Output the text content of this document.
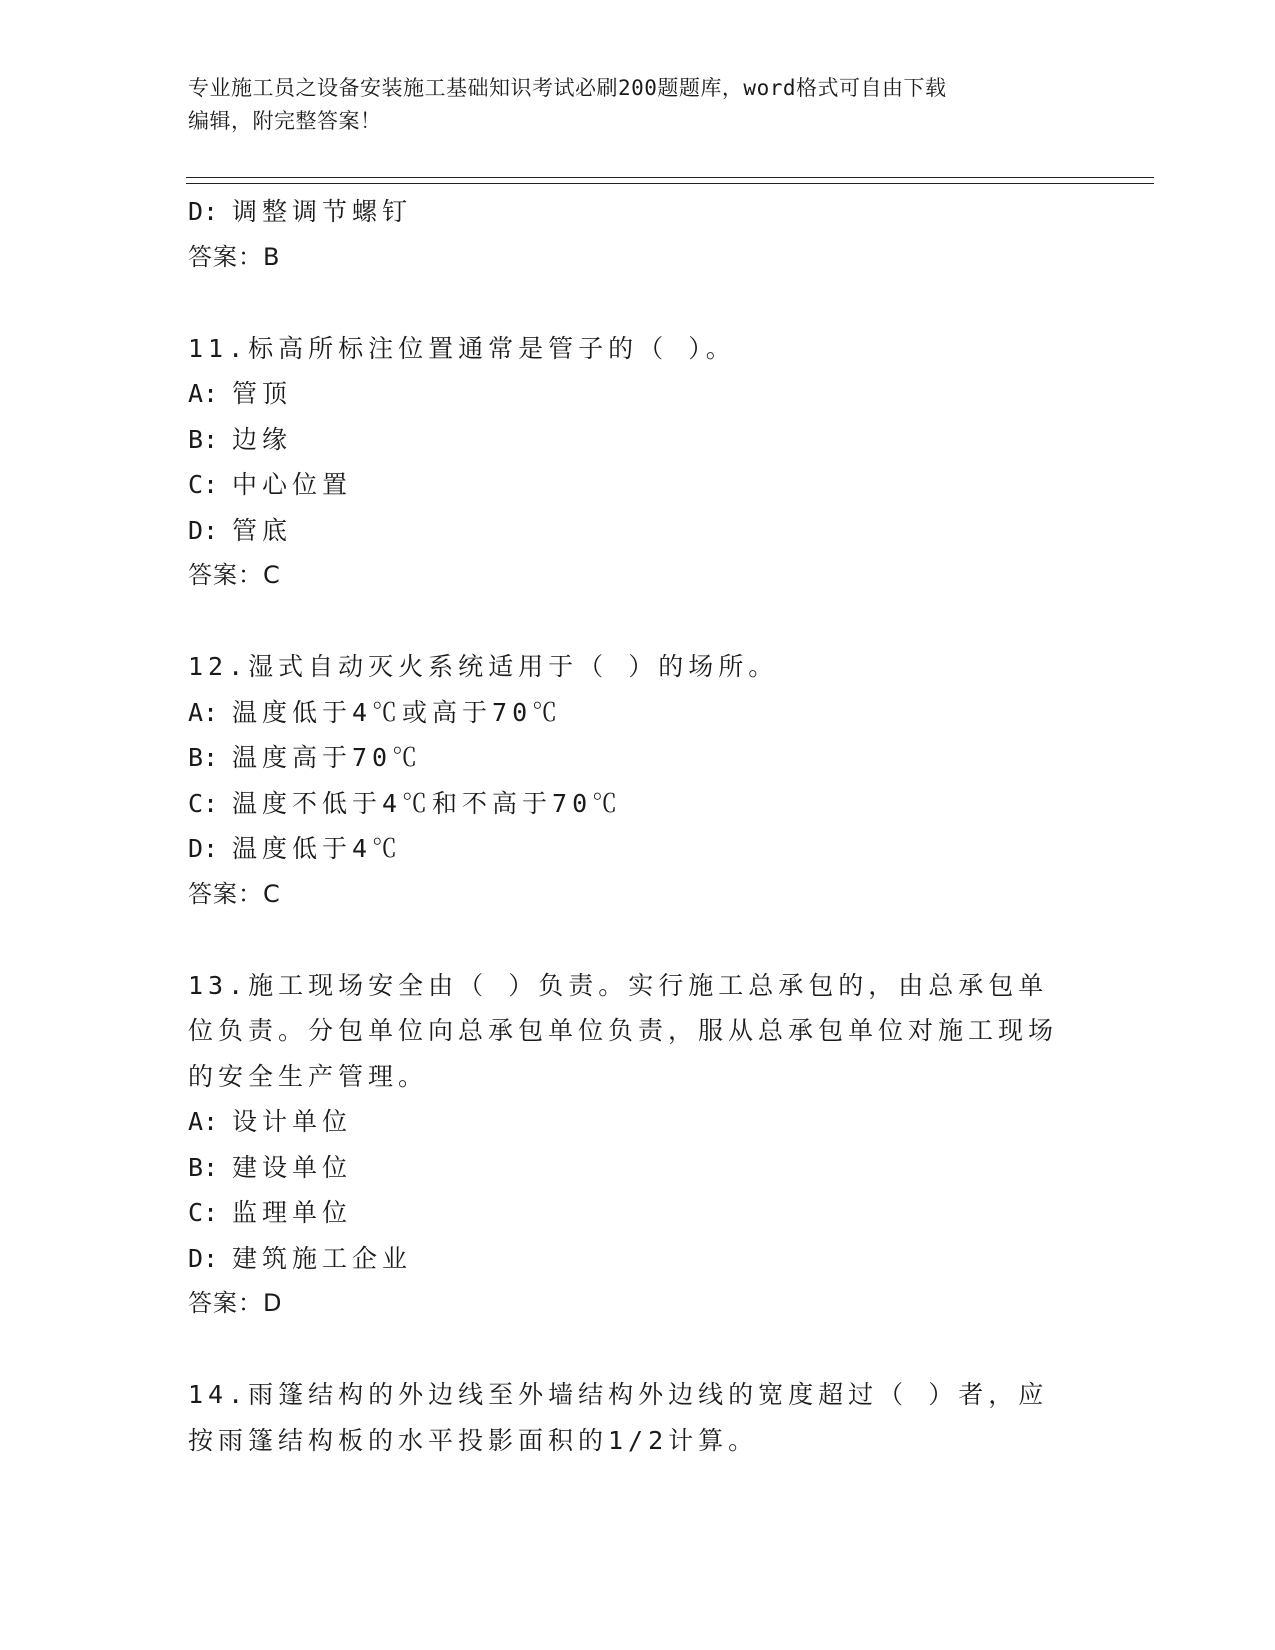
专业施工员之设备安装施工基础知识考试必刷200题题库，word格式可自由下载
编辑，附完整答案！
D: 调整调节螺钉
答案：B
11.标高所标注位置通常是管子的（ ）。
A: 管顶
B: 边缘
C: 中心位置
D: 管底
答案：C
12.湿式自动灭火系统适用于（ ）的场所。
A: 温度低于4℃或高于70℃
B: 温度高于70℃
C: 温度不低于4℃和不高于70℃
D: 温度低于4℃
答案：C
13.施工现场安全由（ ）负责。实行施工总承包的，由总承包单位负责。分包单位向总承包单位负责，服从总承包单位对施工现场的安全生产管理。
A: 设计单位
B: 建设单位
C: 监理单位
D: 建筑施工企业
答案：D
14.雨篷结构的外边线至外墙结构外边线的宽度超过（ ）者，应按雨篷结构板的水平投影面积的1/2计算。
